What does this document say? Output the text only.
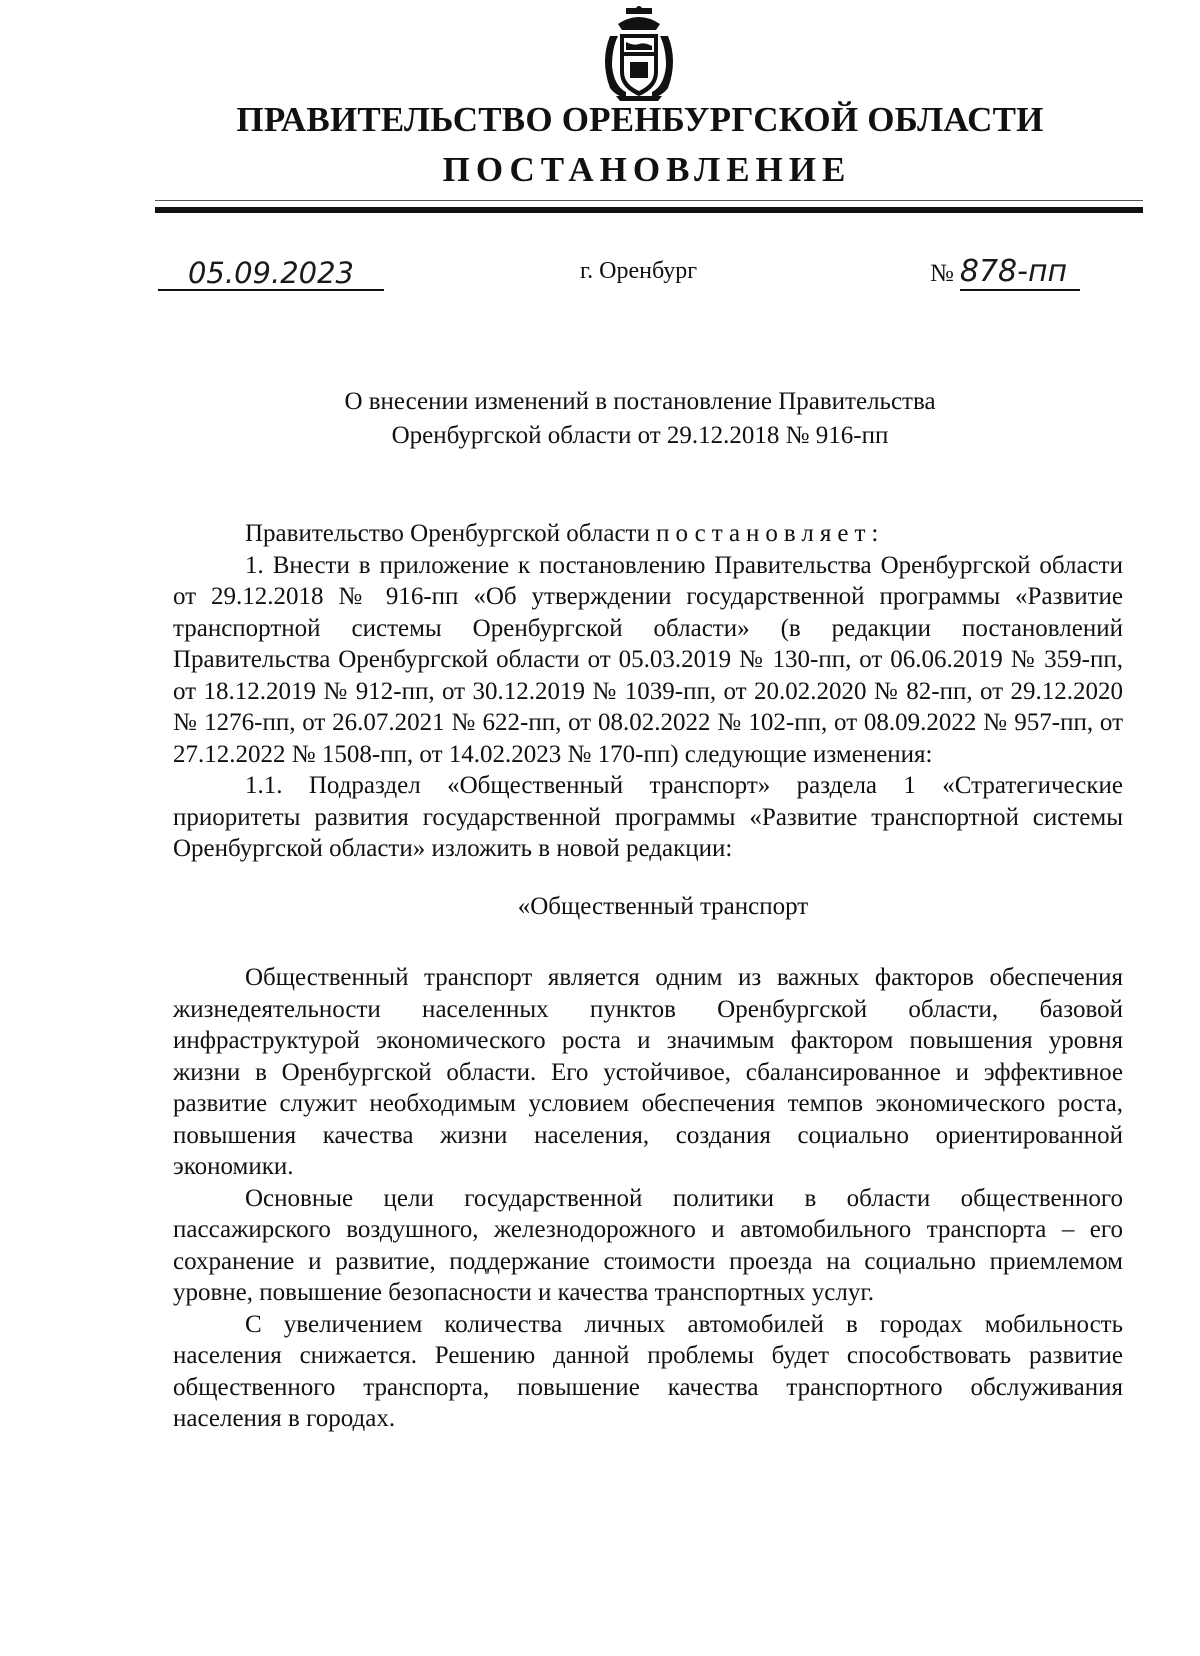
ПРАВИТЕЛЬСТВО ОРЕНБУРГСКОЙ ОБЛАСТИ
ПОСТАНОВЛЕНИЕ
05.09.2023	г. Оренбург	№ 878-пп
О внесении изменений в постановление Правительства
Оренбургской области от 29.12.2018 № 916-пп

Правительство Оренбургской области постановляет:

1. Внести в приложение к постановлению Правительства Оренбургской области от 29.12.2018 № 916-пп «Об утверждении государственной программы «Развитие транспортной системы Оренбургской области» (в редакции постановлений Правительства Оренбургской области от 05.03.2019 № 130-пп, от 06.06.2019 № 359-пп, от 18.12.2019 № 912-пп, от 30.12.2019 № 1039-пп, от 20.02.2020 № 82-пп, от 29.12.2020 № 1276-пп, от 26.07.2021 № 622-пп, от 08.02.2022 № 102-пп, от 08.09.2022 № 957-пп, от 27.12.2022 № 1508-пп, от 14.02.2023 № 170-пп) следующие изменения:

1.1. Подраздел «Общественный транспорт» раздела 1 «Стратегические приоритеты развития государственной программы «Развитие транспортной системы Оренбургской области» изложить в новой редакции:

«Общественный транспорт

Общественный транспорт является одним из важных факторов обеспечения жизнедеятельности населенных пунктов Оренбургской области, базовой инфраструктурой экономического роста и значимым фактором повышения уровня жизни в Оренбургской области. Его устойчивое, сбалансированное и эффективное развитие служит необходимым условием обеспечения темпов экономического роста, повышения качества жизни населения, создания социально ориентированной экономики.

Основные цели государственной политики в области общественного пассажирского воздушного, железнодорожного и автомобильного транспорта – его сохранение и развитие, поддержание стоимости проезда на социально приемлемом уровне, повышение безопасности и качества транспортных услуг.

С увеличением количества личных автомобилей в городах мобильность населения снижается. Решению данной проблемы будет способствовать развитие общественного транспорта, повышение качества транспортного обслуживания населения в городах.
